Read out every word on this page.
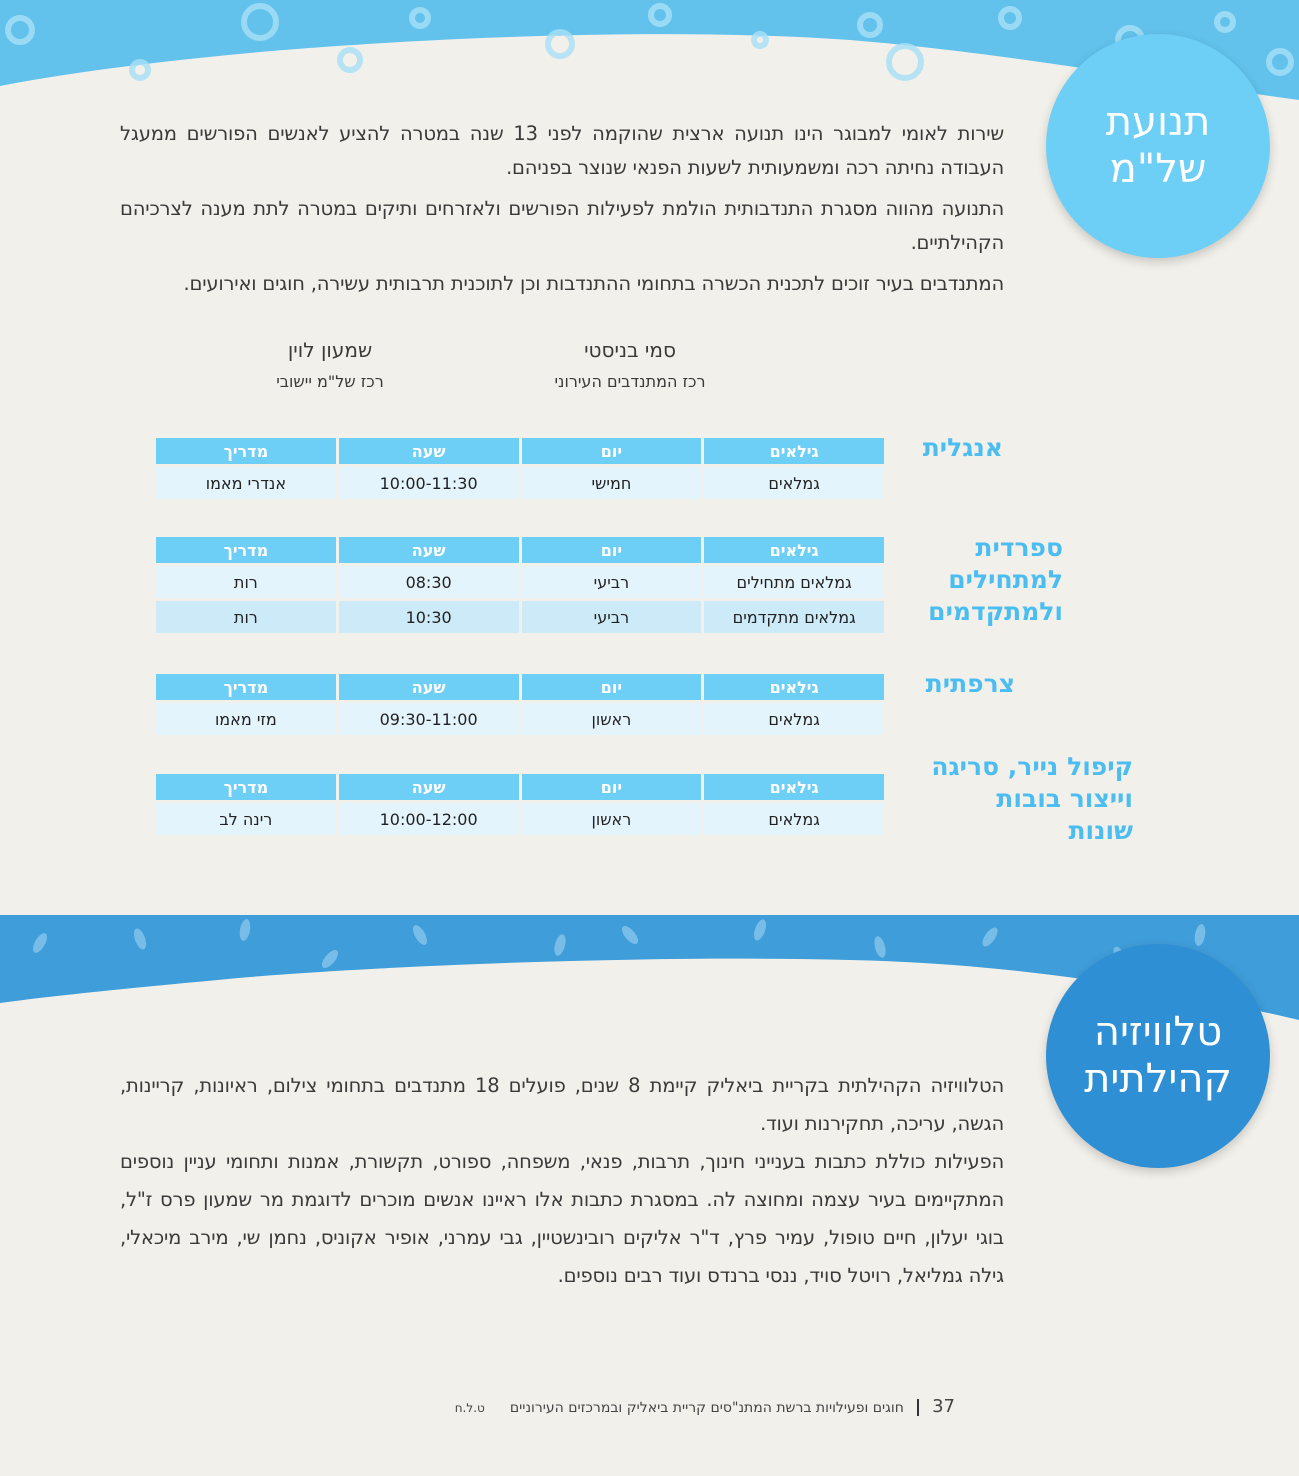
תנועת
של"מ

שירות לאומי למבוגר הינו תנועה ארצית שהוקמה לפני 13 שנה במטרה להציע לאנשים הפורשים ממעגל העבודה נחיתה רכה ומשמעותית לשעות הפנאי שנוצר בפניהם.

התנועה מהווה מסגרת התנדבותית הולמת לפעילות הפורשים ולאזרחים ותיקים במטרה לתת מענה לצרכיהם הקהילתיים.

המתנדבים בעיר זוכים לתכנית הכשרה בתחומי ההתנדבות וכן לתוכנית תרבותית עשירה, חוגים ואירועים.

סמי בניסטי
רכז המתנדבים העירוני
שמעון לוין
רכז של"מ יישובי
אנגלית
גילאים	יום	שעה	מדריך
גמלאים	חמישי	10:00-11:30	אנדרי מאמו
ספרדית
למתחילים
ולמתקדמים
גילאים	יום	שעה	מדריך
גמלאים מתחילים	רביעי	08:30	רות
גמלאים מתקדמים	רביעי	10:30	רות
צרפתית
גילאים	יום	שעה	מדריך
גמלאים	ראשון	09:30-11:00	מזי מאמו
קיפול נייר, סריגה
וייצור בובות
שונות
גילאים	יום	שעה	מדריך
גמלאים	ראשון	10:00-12:00	רינה לב
טלוויזיה
קהילתית

הטלוויזיה הקהילתית בקריית ביאליק קיימת 8 שנים, פועלים 18 מתנדבים בתחומי צילום, ראיונות, קריינות, הגשה, עריכה, תחקירנות ועוד.

הפעילות כוללת כתבות בענייני חינוך, תרבות, פנאי, משפחה, ספורט, תקשורת, אמנות ותחומי עניין נוספים המתקיימים בעיר עצמה ומחוצה לה. במסגרת כתבות אלו ראיינו אנשים מוכרים לדוגמת מר שמעון פרס ז"ל, בוגי יעלון, חיים טופול, עמיר פרץ, ד"ר אליקים רובינשטיין, גבי עמרני, אופיר אקוניס, נחמן שי, מירב מיכאלי, גילה גמליאל, רויטל סויד, ננסי ברנדס ועוד רבים נוספים.

37  חוגים ופעילויות ברשת המתנ"סים קריית ביאליק ובמרכזים העירוניים ט.ל.ח
